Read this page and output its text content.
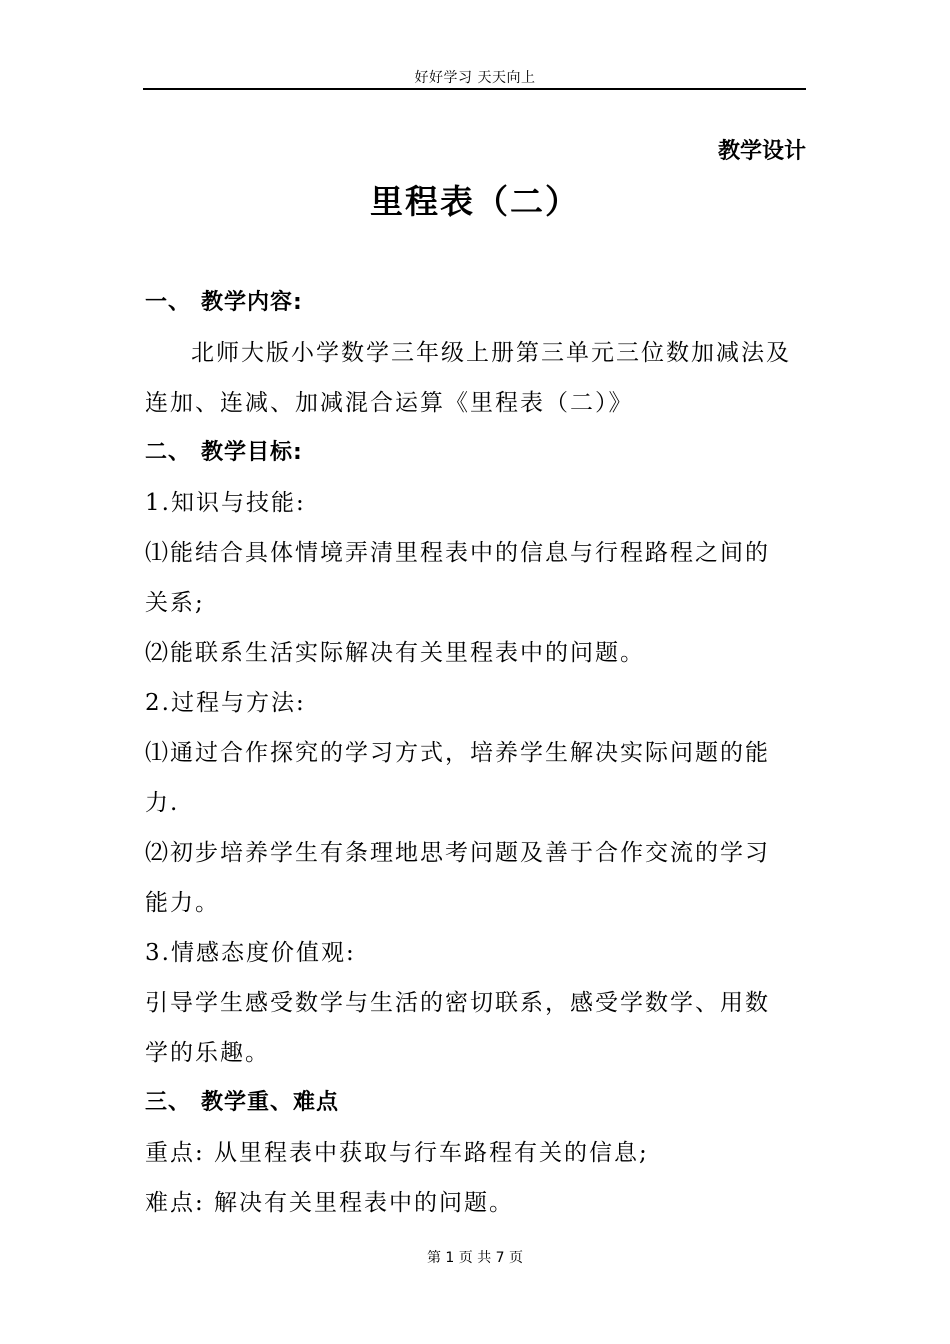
好好学习 天天向上
教学设计
里程表（二）
一、 教学内容:
北师大版小学数学三年级上册第三单元三位数加减法及
连加、连减、加减混合运算《里程表（二）》
二、 教学目标:
1.知识与技能:
⑴能结合具体情境弄清里程表中的信息与行程路程之间的
关系;
⑵能联系生活实际解决有关里程表中的问题。
2.过程与方法:
⑴通过合作探究的学习方式，培养学生解决实际问题的能
力.
⑵初步培养学生有条理地思考问题及善于合作交流的学习
能力。
3.情感态度价值观:
引导学生感受数学与生活的密切联系，感受学数学、用数
学的乐趣。
三、 教学重、难点
重点: 从里程表中获取与行车路程有关的信息;
难点: 解决有关里程表中的问题。
第 1 页 共 7 页
